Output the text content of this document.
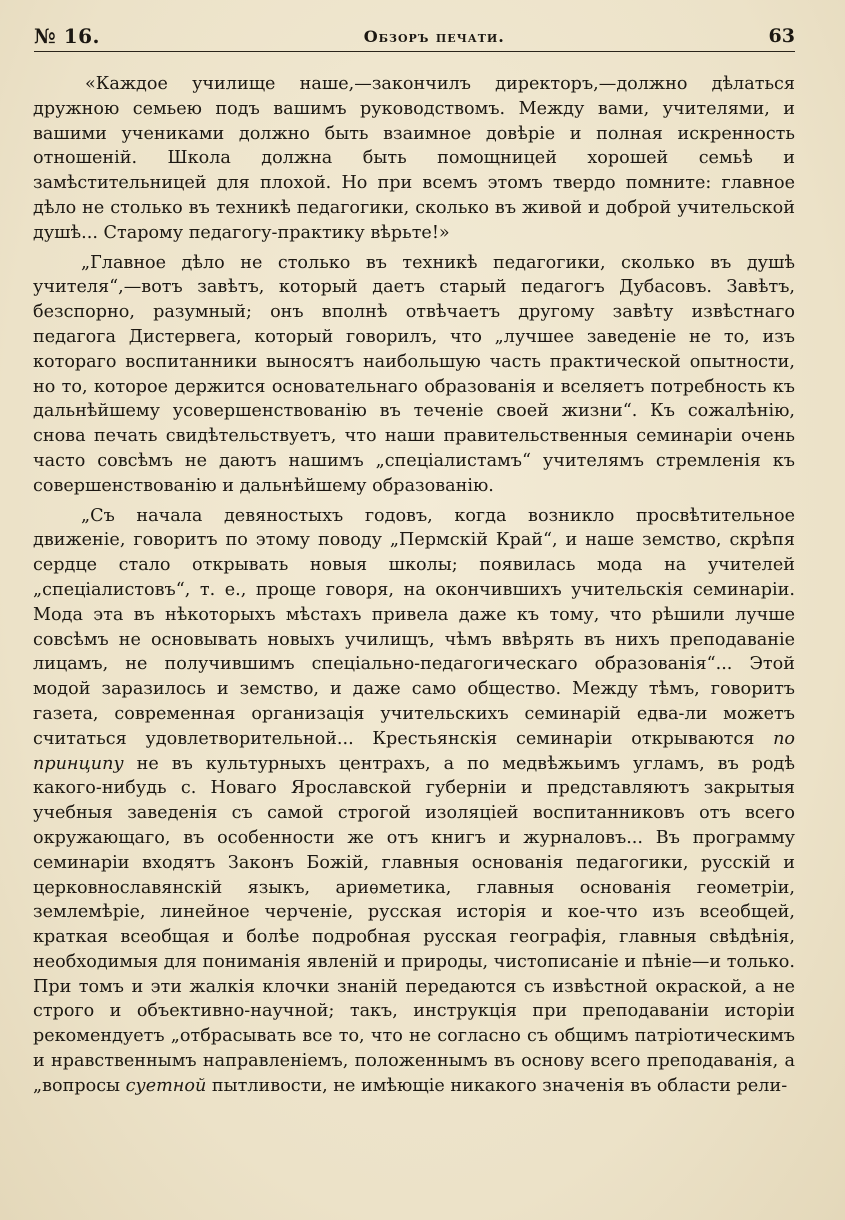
№ 16.	Обзоръ печати.	63

«Каждое училище наше,—закончилъ директоръ,—должно дѣлаться дружною семьею подъ вашимъ руководствомъ. Между вами, учителями, и вашими учениками должно быть взаимное довѣріе и полная искренность отношеній. Школа должна быть помощницей хорошей семьѣ и замѣстительницей для плохой. Но при всемъ этомъ твердо помните: главное дѣло не столько въ техникѣ педагогики, сколько въ живой и доброй учительской душѣ... Старому педагогу-практику вѣрьте!»

„Главное дѣло не столько въ техникѣ педагогики, сколько въ душѣ учителя“,—вотъ завѣтъ, который даетъ старый педагогъ Дубасовъ. Завѣтъ, безспорно, разумный; онъ вполнѣ отвѣчаетъ другому завѣту извѣстнаго педагога Дистервега, который говорилъ, что „лучшее заведеніе не то, изъ котораго воспитанники выносятъ наибольшую часть практической опытности, но то, которое держится основательнаго образованія и вселяетъ потребность къ дальнѣйшему усовершенствованію въ теченіе своей жизни“. Къ сожалѣнію, снова печать свидѣтельствуетъ, что наши правительственныя семинаріи очень часто совсѣмъ не даютъ нашимъ „спеціалистамъ“ учителямъ стремленія къ совершенствованію и дальнѣйшему образованію.

„Съ начала девяностыхъ годовъ, когда возникло просвѣтительное движеніе, говоритъ по этому поводу „Пермскій Край“, и наше земство, скрѣпя сердце стало открывать новыя школы; появилась мода на учителей „спеціалистовъ“, т. е., проще говоря, на окончившихъ учительскія семинаріи. Мода эта въ нѣкоторыхъ мѣстахъ привела даже къ тому, что рѣшили лучше совсѣмъ не основывать новыхъ училищъ, чѣмъ ввѣрять въ нихъ преподаваніе лицамъ, не получившимъ спеціально-педагогическаго образованія“... Этой модой заразилось и земство, и даже само общество. Между тѣмъ, говоритъ газета, современная организація учительскихъ семинарій едва-ли можетъ считаться удовлетворительной... Крестьянскія семинаріи открываются по принципу не въ культурныхъ центрахъ, а по медвѣжьимъ угламъ, въ родѣ какого-нибудь с. Новаго Ярославской губерніи и представляютъ закрытыя учебныя заведенія съ самой строгой изоляціей воспитанниковъ отъ всего окружающаго, въ особенности же отъ книгъ и журналовъ... Въ программу семинаріи входятъ Законъ Божій, главныя основанія педагогики, русскій и церковнославянскій языкъ, ариѳметика, главныя основанія геометріи, землемѣріе, линейное черченіе, русская исторія и кое-что изъ всеобщей, краткая всеобщая и болѣе подробная русская географія, главныя свѣдѣнія, необходимыя для пониманія явленій и природы, чистописаніе и пѣніе—и только. При томъ и эти жалкія клочки знаній передаются съ извѣстной окраской, а не строго и объективно-научной; такъ, инструкція при преподаваніи исторіи рекомендуетъ „отбрасывать все то, что не согласно съ общимъ патріотическимъ и нравственнымъ направленіемъ, положеннымъ въ основу всего преподаванія, а „вопросы суетной пытливости, не имѣющіе никакого значенія въ области рели-
